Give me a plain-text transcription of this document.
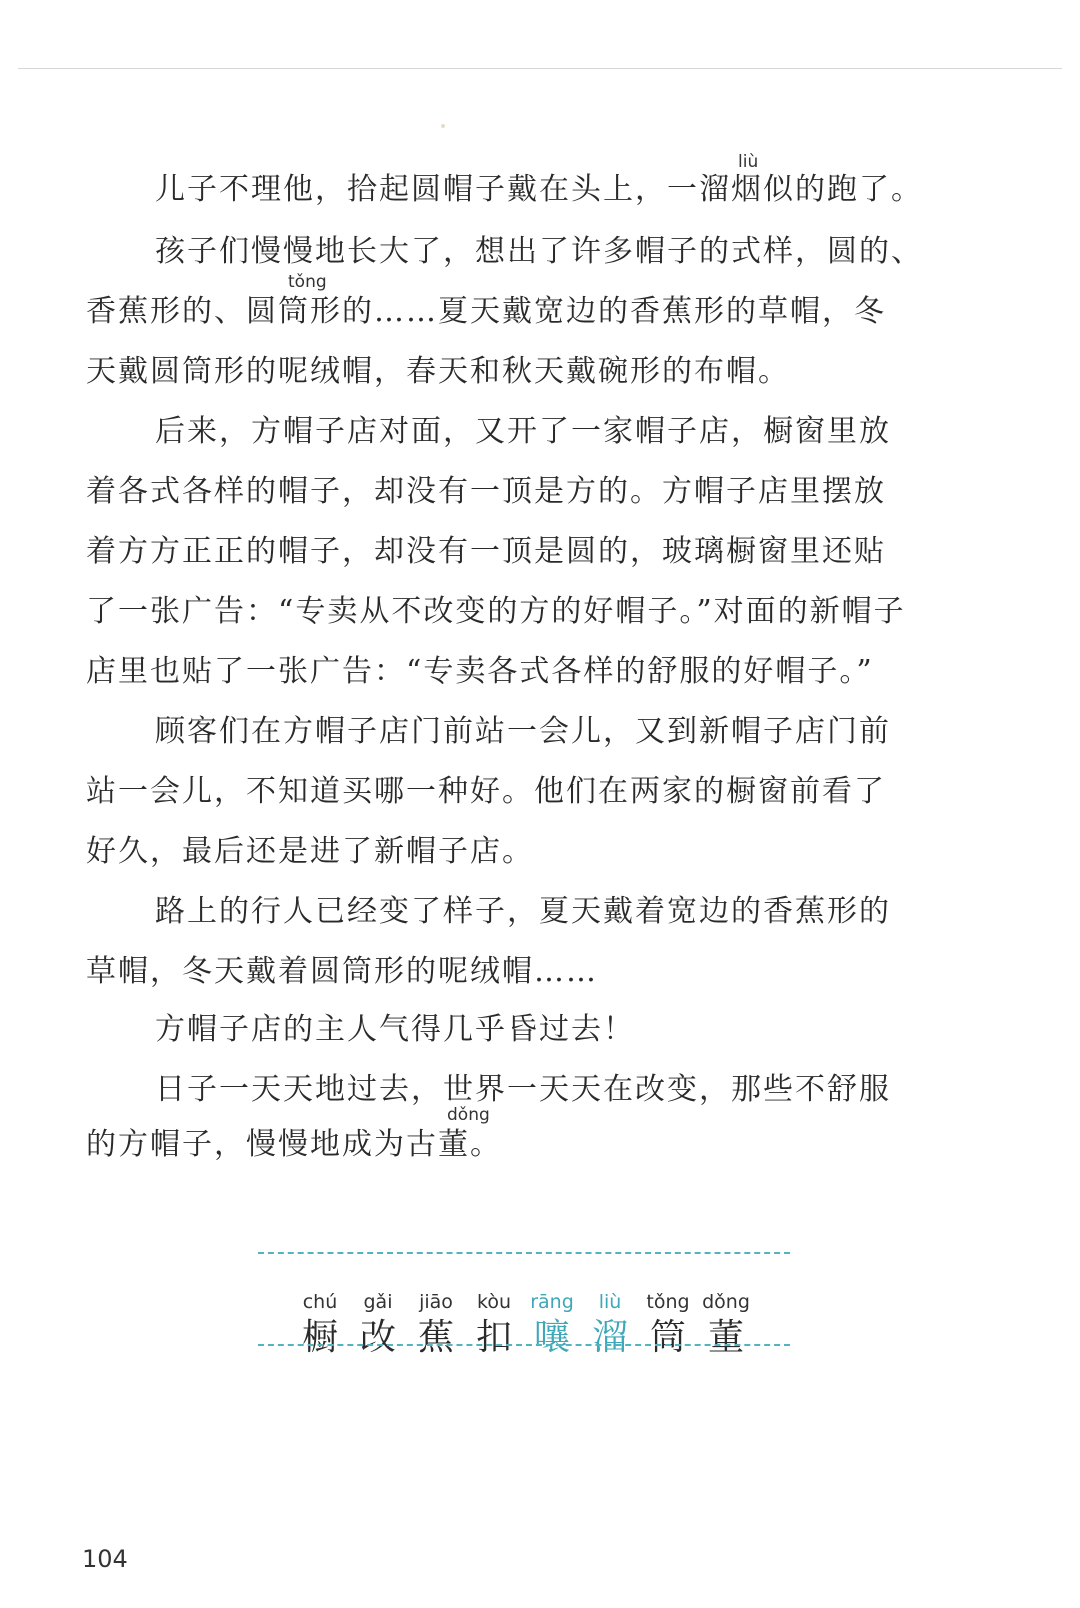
liù
tǒng
dǒng
儿子不理他，拾起圆帽子戴在头上，一溜烟似的跑了。
孩子们慢慢地长大了，想出了许多帽子的式样，圆的、
香蕉形的、圆筒形的……夏天戴宽边的香蕉形的草帽，冬
天戴圆筒形的呢绒帽，春天和秋天戴碗形的布帽。
后来，方帽子店对面，又开了一家帽子店，橱窗里放
着各式各样的帽子，却没有一顶是方的。方帽子店里摆放
着方方正正的帽子，却没有一顶是圆的，玻璃橱窗里还贴
了一张广告：“专卖从不改变的方的好帽子。”对面的新帽子
店里也贴了一张广告：“专卖各式各样的舒服的好帽子。”
顾客们在方帽子店门前站一会儿，又到新帽子店门前
站一会儿，不知道买哪一种好。他们在两家的橱窗前看了
好久，最后还是进了新帽子店。
路上的行人已经变了样子，夏天戴着宽边的香蕉形的
草帽，冬天戴着圆筒形的呢绒帽……
方帽子店的主人气得几乎昏过去！
日子一天天地过去，世界一天天在改变，那些不舒服
的方帽子，慢慢地成为古董。
chú
橱
gǎi
改
jiāo
蕉
kòu
扣
rāng
嚷
liù
溜
tǒng
筒
dǒng
董
104
